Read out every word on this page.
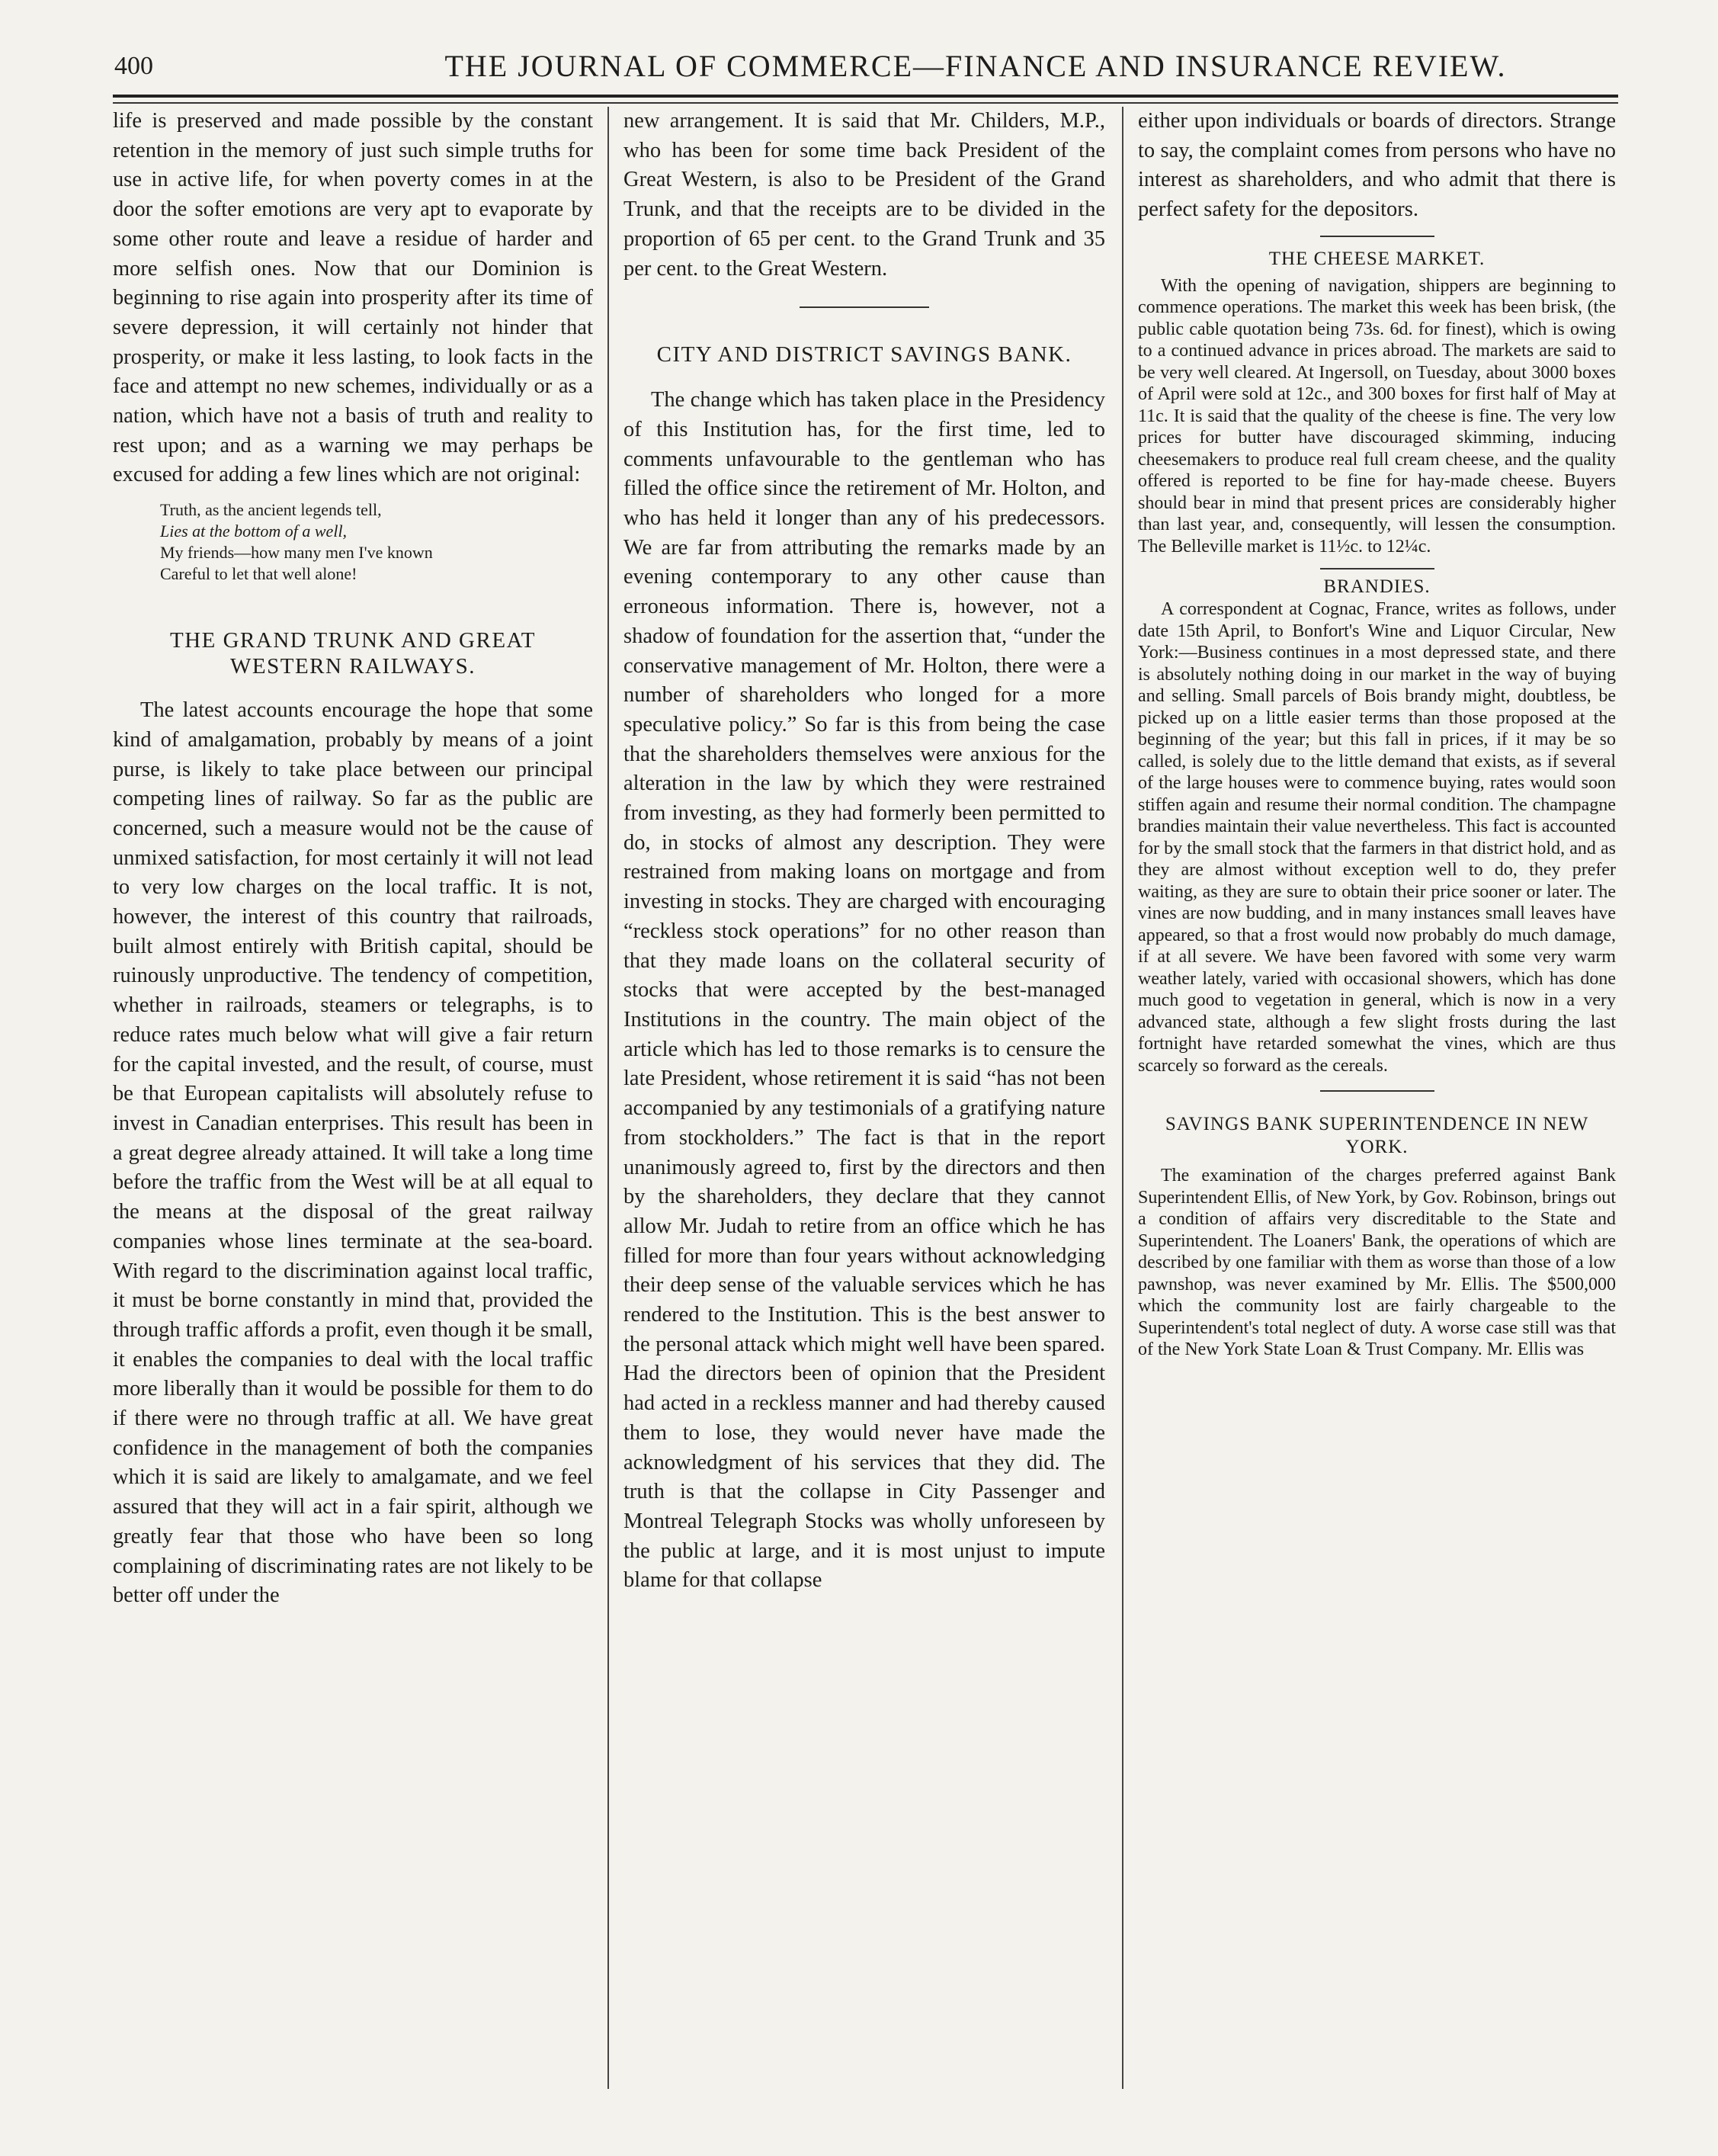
400	THE JOURNAL OF COMMERCE—FINANCE AND INSURANCE REVIEW.

life is preserved and made possible by the constant retention in the memory of just such simple truths for use in active life, for when poverty comes in at the door the softer emotions are very apt to evaporate by some other route and leave a residue of harder and more selfish ones. Now that our Dominion is beginning to rise again into prosperity after its time of severe depression, it will certainly not hinder that prosperity, or make it less lasting, to look facts in the face and attempt no new schemes, individually or as a nation, which have not a basis of truth and reality to rest upon; and as a warning we may perhaps be excused for adding a few lines which are not original:

Truth, as the ancient legends tell,
Lies at the bottom of a well,
My friends—how many men I've known
Careful to let that well alone!
THE GRAND TRUNK AND GREAT WESTERN RAILWAYS.

The latest accounts encourage the hope that some kind of amalgamation, probably by means of a joint purse, is likely to take place between our principal competing lines of railway. So far as the public are concerned, such a measure would not be the cause of unmixed satisfaction, for most certainly it will not lead to very low charges on the local traffic. It is not, however, the interest of this country that railroads, built almost entirely with British capital, should be ruinously unproductive. The tendency of competition, whether in railroads, steamers or telegraphs, is to reduce rates much below what will give a fair return for the capital invested, and the result, of course, must be that European capitalists will absolutely refuse to invest in Canadian enterprises. This result has been in a great degree already attained. It will take a long time before the traffic from the West will be at all equal to the means at the disposal of the great railway companies whose lines terminate at the sea-board. With regard to the discrimination against local traffic, it must be borne constantly in mind that, provided the through traffic affords a profit, even though it be small, it enables the companies to deal with the local traffic more liberally than it would be possible for them to do if there were no through traffic at all. We have great confidence in the management of both the companies which it is said are likely to amalgamate, and we feel assured that they will act in a fair spirit, although we greatly fear that those who have been so long complaining of discriminating rates are not likely to be better off under the

new arrangement. It is said that Mr. Childers, M.P., who has been for some time back President of the Great Western, is also to be President of the Grand Trunk, and that the receipts are to be divided in the proportion of 65 per cent. to the Grand Trunk and 35 per cent. to the Great Western.

CITY AND DISTRICT SAVINGS BANK.

The change which has taken place in the Presidency of this Institution has, for the first time, led to comments unfavourable to the gentleman who has filled the office since the retirement of Mr. Holton, and who has held it longer than any of his predecessors. We are far from attributing the remarks made by an evening contemporary to any other cause than erroneous information. There is, however, not a shadow of foundation for the assertion that, “under the conservative management of Mr. Holton, there were a number of shareholders who longed for a more speculative policy.” So far is this from being the case that the shareholders themselves were anxious for the alteration in the law by which they were restrained from investing, as they had formerly been permitted to do, in stocks of almost any description. They were restrained from making loans on mortgage and from investing in stocks. They are charged with encouraging “reckless stock operations” for no other reason than that they made loans on the collateral security of stocks that were accepted by the best-managed Institutions in the country. The main object of the article which has led to those remarks is to censure the late President, whose retirement it is said “has not been accompanied by any testimonials of a gratifying nature from stockholders.” The fact is that in the report unanimously agreed to, first by the directors and then by the shareholders, they declare that they cannot allow Mr. Judah to retire from an office which he has filled for more than four years without acknowledging their deep sense of the valuable services which he has rendered to the Institution. This is the best answer to the personal attack which might well have been spared. Had the directors been of opinion that the President had acted in a reckless manner and had thereby caused them to lose, they would never have made the acknowledgment of his services that they did. The truth is that the collapse in City Passenger and Montreal Telegraph Stocks was wholly unforeseen by the public at large, and it is most unjust to impute blame for that collapse

either upon individuals or boards of directors. Strange to say, the complaint comes from persons who have no interest as shareholders, and who admit that there is perfect safety for the depositors.

THE CHEESE MARKET.

With the opening of navigation, shippers are beginning to commence operations. The market this week has been brisk, (the public cable quotation being 73s. 6d. for finest), which is owing to a continued advance in prices abroad. The markets are said to be very well cleared. At Ingersoll, on Tuesday, about 3000 boxes of April were sold at 12c., and 300 boxes for first half of May at 11c. It is said that the quality of the cheese is fine. The very low prices for butter have discouraged skimming, inducing cheesemakers to produce real full cream cheese, and the quality offered is reported to be fine for hay-made cheese. Buyers should bear in mind that present prices are considerably higher than last year, and, consequently, will lessen the consumption. The Belleville market is 11½c. to 12¼c.

BRANDIES.

A correspondent at Cognac, France, writes as follows, under date 15th April, to Bonfort's Wine and Liquor Circular, New York:—Business continues in a most depressed state, and there is absolutely nothing doing in our market in the way of buying and selling. Small parcels of Bois brandy might, doubtless, be picked up on a little easier terms than those proposed at the beginning of the year; but this fall in prices, if it may be so called, is solely due to the little demand that exists, as if several of the large houses were to commence buying, rates would soon stiffen again and resume their normal condition. The champagne brandies maintain their value nevertheless. This fact is accounted for by the small stock that the farmers in that district hold, and as they are almost without exception well to do, they prefer waiting, as they are sure to obtain their price sooner or later. The vines are now budding, and in many instances small leaves have appeared, so that a frost would now probably do much damage, if at all severe. We have been favored with some very warm weather lately, varied with occasional showers, which has done much good to vegetation in general, which is now in a very advanced state, although a few slight frosts during the last fortnight have retarded somewhat the vines, which are thus scarcely so forward as the cereals.

SAVINGS BANK SUPERINTENDENCE IN NEW YORK.

The examination of the charges preferred against Bank Superintendent Ellis, of New York, by Gov. Robinson, brings out a condition of affairs very discreditable to the State and Superintendent. The Loaners' Bank, the operations of which are described by one familiar with them as worse than those of a low pawnshop, was never examined by Mr. Ellis. The $500,000 which the community lost are fairly chargeable to the Superintendent's total neglect of duty. A worse case still was that of the New York State Loan & Trust Company. Mr. Ellis was
